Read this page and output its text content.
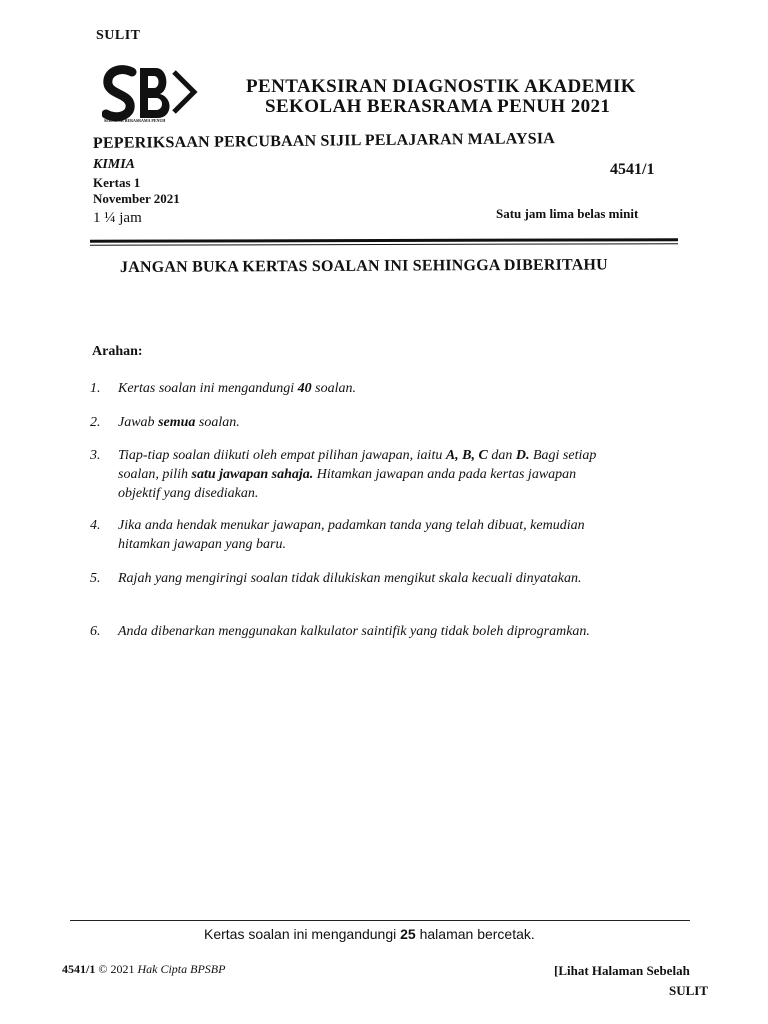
SULIT
SEKOLAH BERASRAMA PENUH
PENTAKSIRAN DIAGNOSTIK AKADEMIK
SEKOLAH BERASRAMA PENUH 2021
PEPERIKSAAN PERCUBAAN SIJIL PELAJARAN MALAYSIA
4541/1
KIMIA
Kertas 1
November 2021
1 ¼ jam	Satu jam lima belas minit
JANGAN BUKA KERTAS SOALAN INI SEHINGGA DIBERITAHU
Arahan:
1. Kertas soalan ini mengandungi 40 soalan.
2. Jawab semua soalan.
3. Tiap-tiap soalan diikuti oleh empat pilihan jawapan, iaitu A, B, C dan D. Bagi setiap soalan, pilih satu jawapan sahaja. Hitamkan jawapan anda pada kertas jawapan objektif yang disediakan.
4. Jika anda hendak menukar jawapan, padamkan tanda yang telah dibuat, kemudian hitamkan jawapan yang baru.
5. Rajah yang mengiringi soalan tidak dilukiskan mengikut skala kecuali dinyatakan.
6. Anda dibenarkan menggunakan kalkulator saintifik yang tidak boleh diprogramkan.
Kertas soalan ini mengandungi 25 halaman bercetak.
4541/1 © 2021 Hak Cipta BPSBP	[Lihat Halaman Sebelah
SULIT
